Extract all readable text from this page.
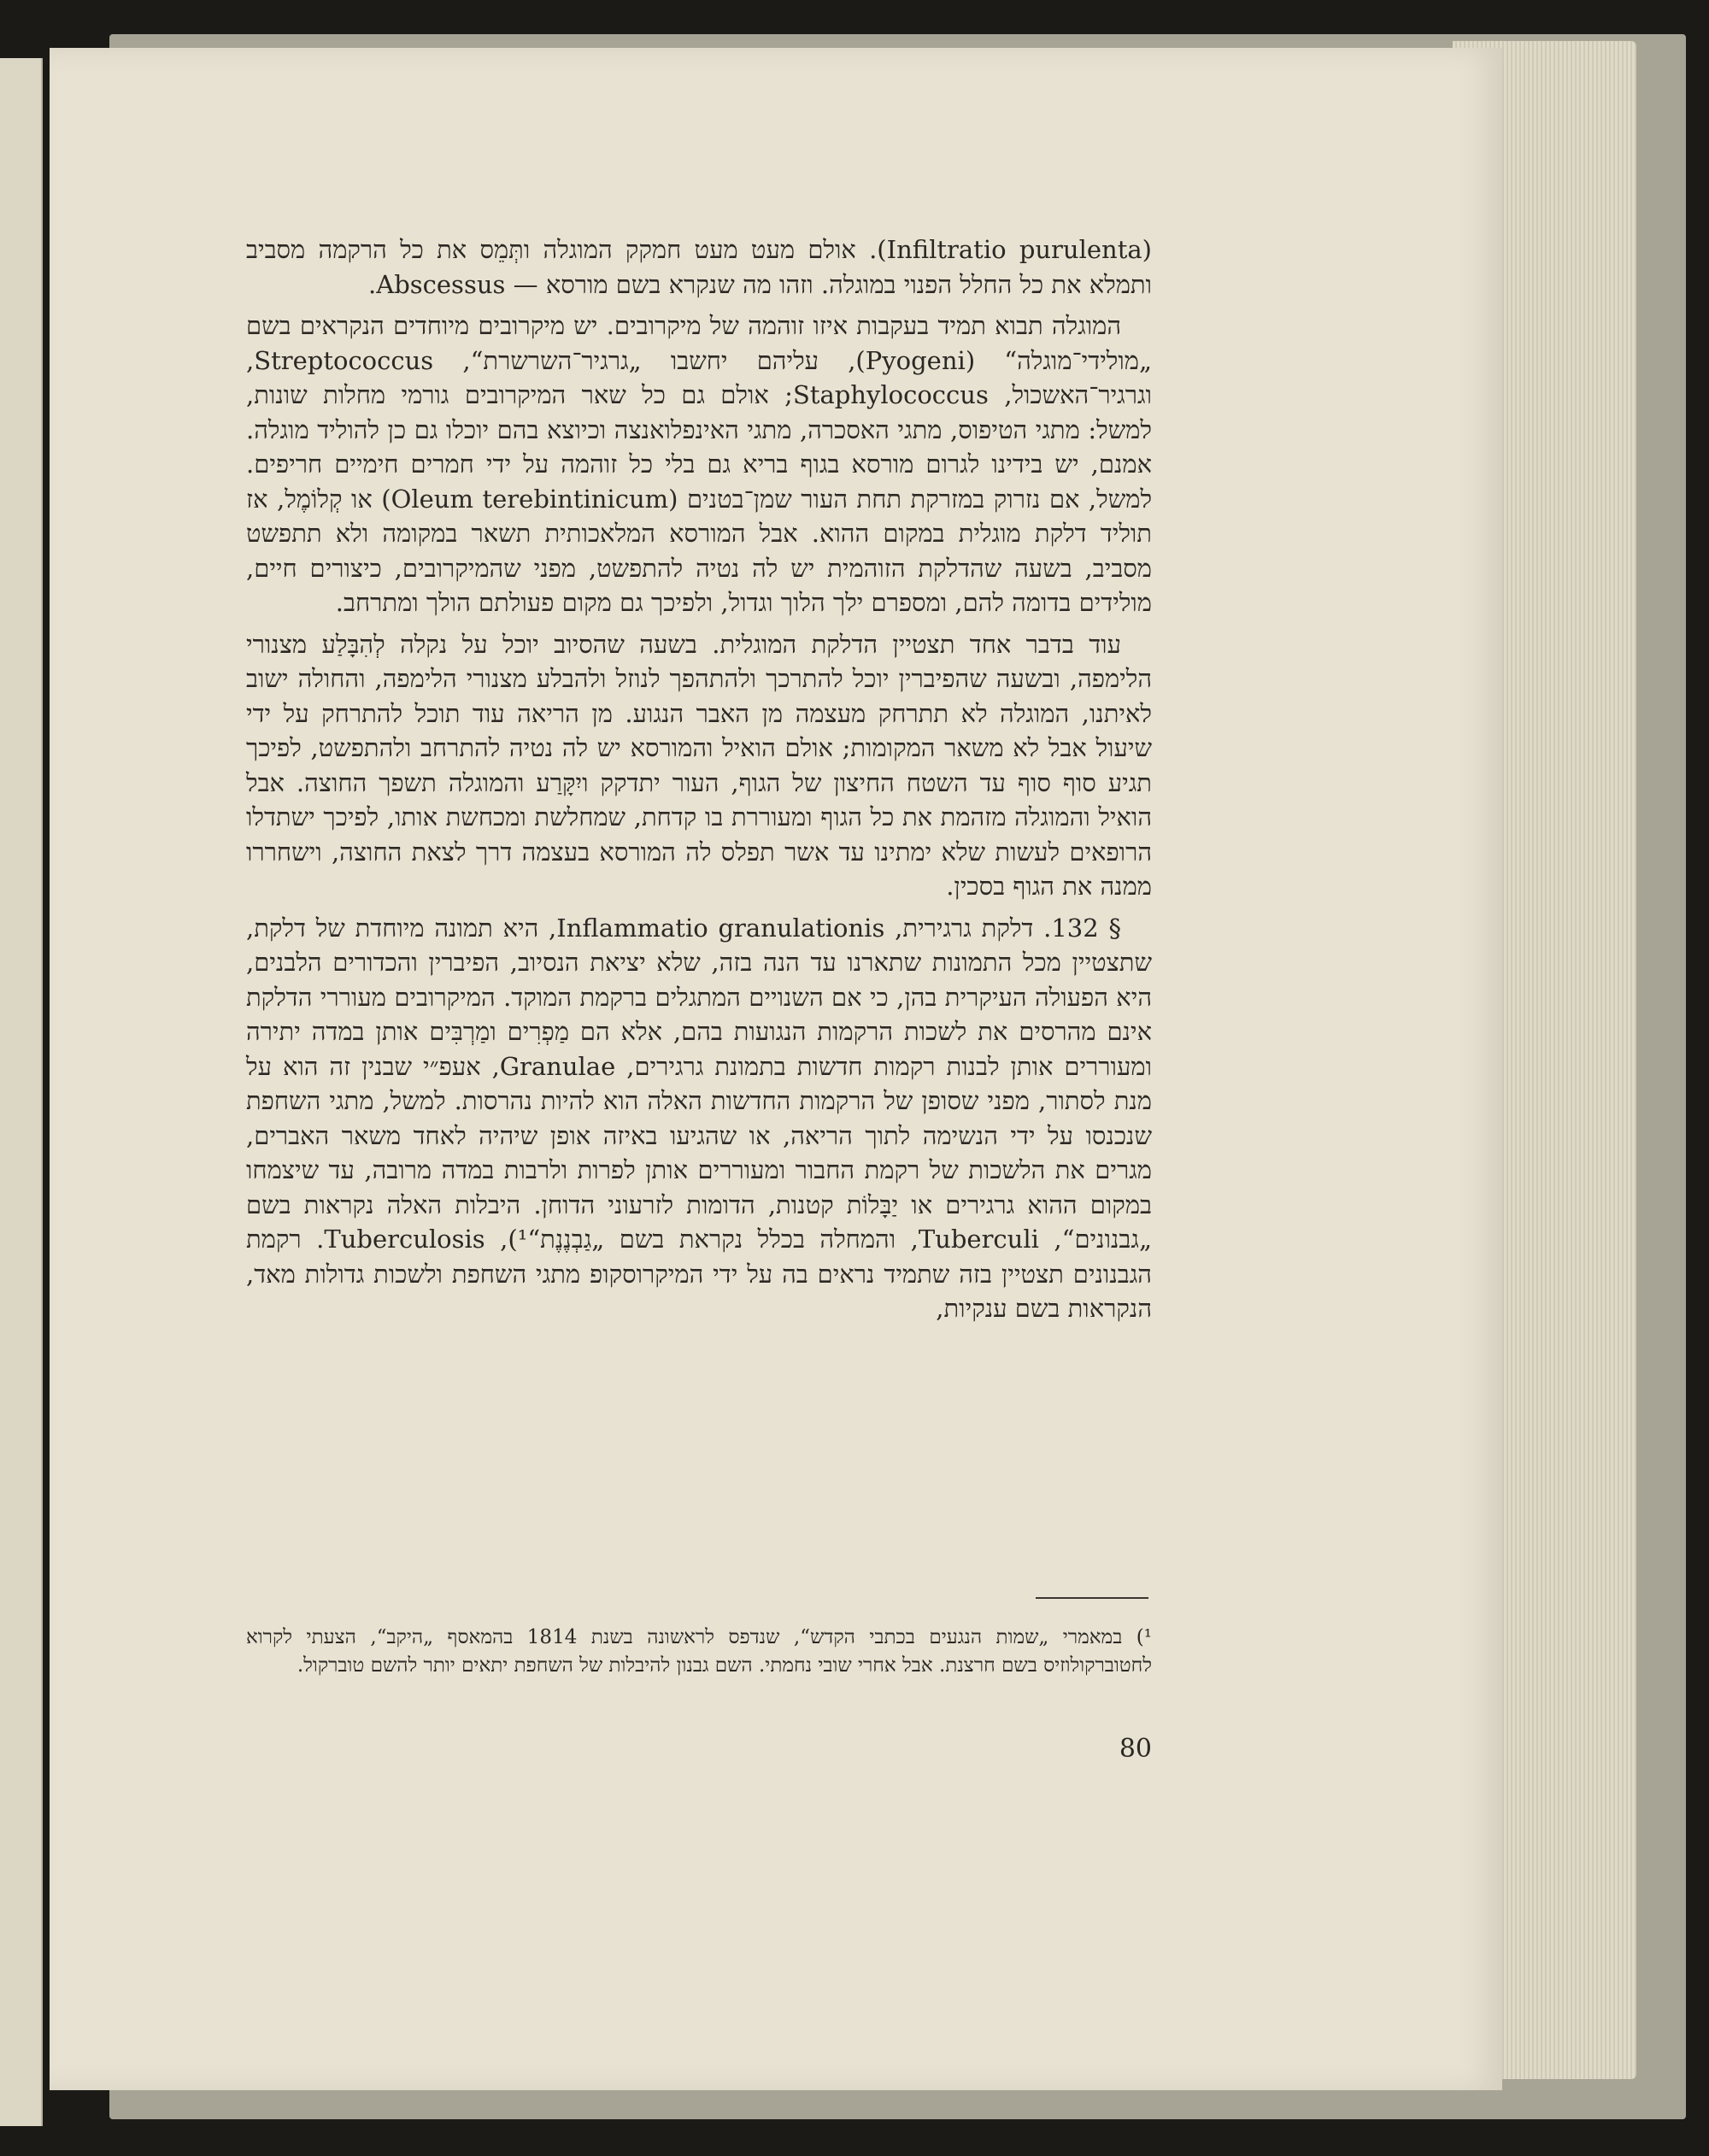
(Infiltratio purulenta). אולם מעט מעט חמקק המוגלה ותְּמֵס את כל הרקמה מסביב ותמלא את כל החלל הפנוי במוגלה. וזהו מה שנקרא בשם מורסא — Abscessus.

המוגלה תבוא תמיד בעקבות איזו זוהמה של מיקרובים. יש מיקרובים מיוחדים הנקראים בשם „מולידי־מוגלה“ (Pyogeni), עליהם יחשבו „גרגיר־השרשרת“, Streptococcus, וגרגיר־האשכול, Staphylococcus; אולם גם כל שאר המיקרובים גורמי מחלות שונות, למשל: מתגי הטיפוס, מתגי האסכרה, מתגי האינפלואנצה וכיוצא בהם יוכלו גם כן להוליד מוגלה. אמנם, יש בידינו לגרום מורסא בגוף בריא גם בלי כל זוהמה על ידי חמרים חימיים חריפים. למשל, אם נזרוק במזרקת תחת העור שמן־בטנים (Oleum terebintinicum) או קְלוֹמֶל, אז תוליד דלקת מוגלית במקום ההוא. אבל המורסא המלאכותית תשאר במקומה ולא תתפשט מסביב, בשעה שהדלקת הזוהמית יש לה נטיה להתפשט, מפני שהמיקרובים, כיצורים חיים, מולידים בדומה להם, ומספרם ילך הלוך וגדול, ולפיכך גם מקום פעולתם הולך ומתרחב.

עוד בדבר אחד תצטיין הדלקת המוגלית. בשעה שהסיוב יוכל על נקלה לְהִבָּלַע מצנורי הלימפה, ובשעה שהפיברין יוכל להתרכך ולהתהפך לנוזל ולהבלע מצנורי הלימפה, והחולה ישוב לאיתנו, המוגלה לא תתרחק מעצמה מן האבר הנגוע. מן הריאה עוד תוכל להתרחק על ידי שיעול אבל לא משאר המקומות; אולם הואיל והמורסא יש לה נטיה להתרחב ולהתפשט, לפיכך תגיע סוף סוף עד השטח החיצון של הגוף, העור יתדקק ויִקָּרַע והמוגלה תשפך החוצה. אבל הואיל והמוגלה מזהמת את כל הגוף ומעוררת בו קדחת, שמחלשת ומכחשת אותו, לפיכך ישתדלו הרופאים לעשות שלא ימתינו עד אשר תפלס לה המורסא בעצמה דרך לצאת החוצה, וישחררו ממנה את הגוף בסכין.

§ 132. דלקת גרגירית, Inflammatio granulationis, היא תמונה מיוחדת של דלקת, שתצטיין מכל התמונות שתארנו עד הנה בזה, שלא יציאת הנסיוב, הפיברין והכדורים הלבנים, היא הפעולה העיקרית בהן, כי אם השנויים המתגלים ברקמת המוקד. המיקרובים מעוררי הדלקת אינם מהרסים את לשכות הרקמות הנגועות בהם, אלא הם מַפְרִים ומַרְבִּים אותן במדה יתירה ומעוררים אותן לבנות רקמות חדשות בתמונת גרגירים, Granulae, אעפ״י שבנין זה הוא על מנת לסתור, מפני שסופן של הרקמות החדשות האלה הוא להיות נהרסות. למשל, מתגי השחפת שנכנסו על ידי הנשימה לתוך הריאה, או שהגיעו באיזה אופן שיהיה לאחד משאר האברים, מגרים את הלשכות של רקמת החבור ומעוררים אותן לפרות ולרבות במדה מרובה, עד שיצמחו במקום ההוא גרגירים או יַבָּלוֹת קטנות, הדומות לזרעוני הדוחן. היבלות האלה נקראות בשם „גבנונים“, Tuberculi, והמחלה בכלל נקראת בשם „גַבְנֶנֶת“¹), Tuberculosis. רקמת הגבנונים תצטיין בזה שתמיד נראים בה על ידי המיקרוסקופ מתגי השחפת ולשכות גדולות מאד, הנקראות בשם ענקיות,

¹) במאמרי „שמות הנגעים בכתבי הקדש“, שנדפס לראשונה בשנת 1814 בהמאסף „היקב“, הצעתי לקרוא לחטוברקולוזיס בשם חרצנת. אבל אחרי שובי נחמתי. השם גבנון להיבלות של השחפת יתאים יותר להשם טוברקול.
80
